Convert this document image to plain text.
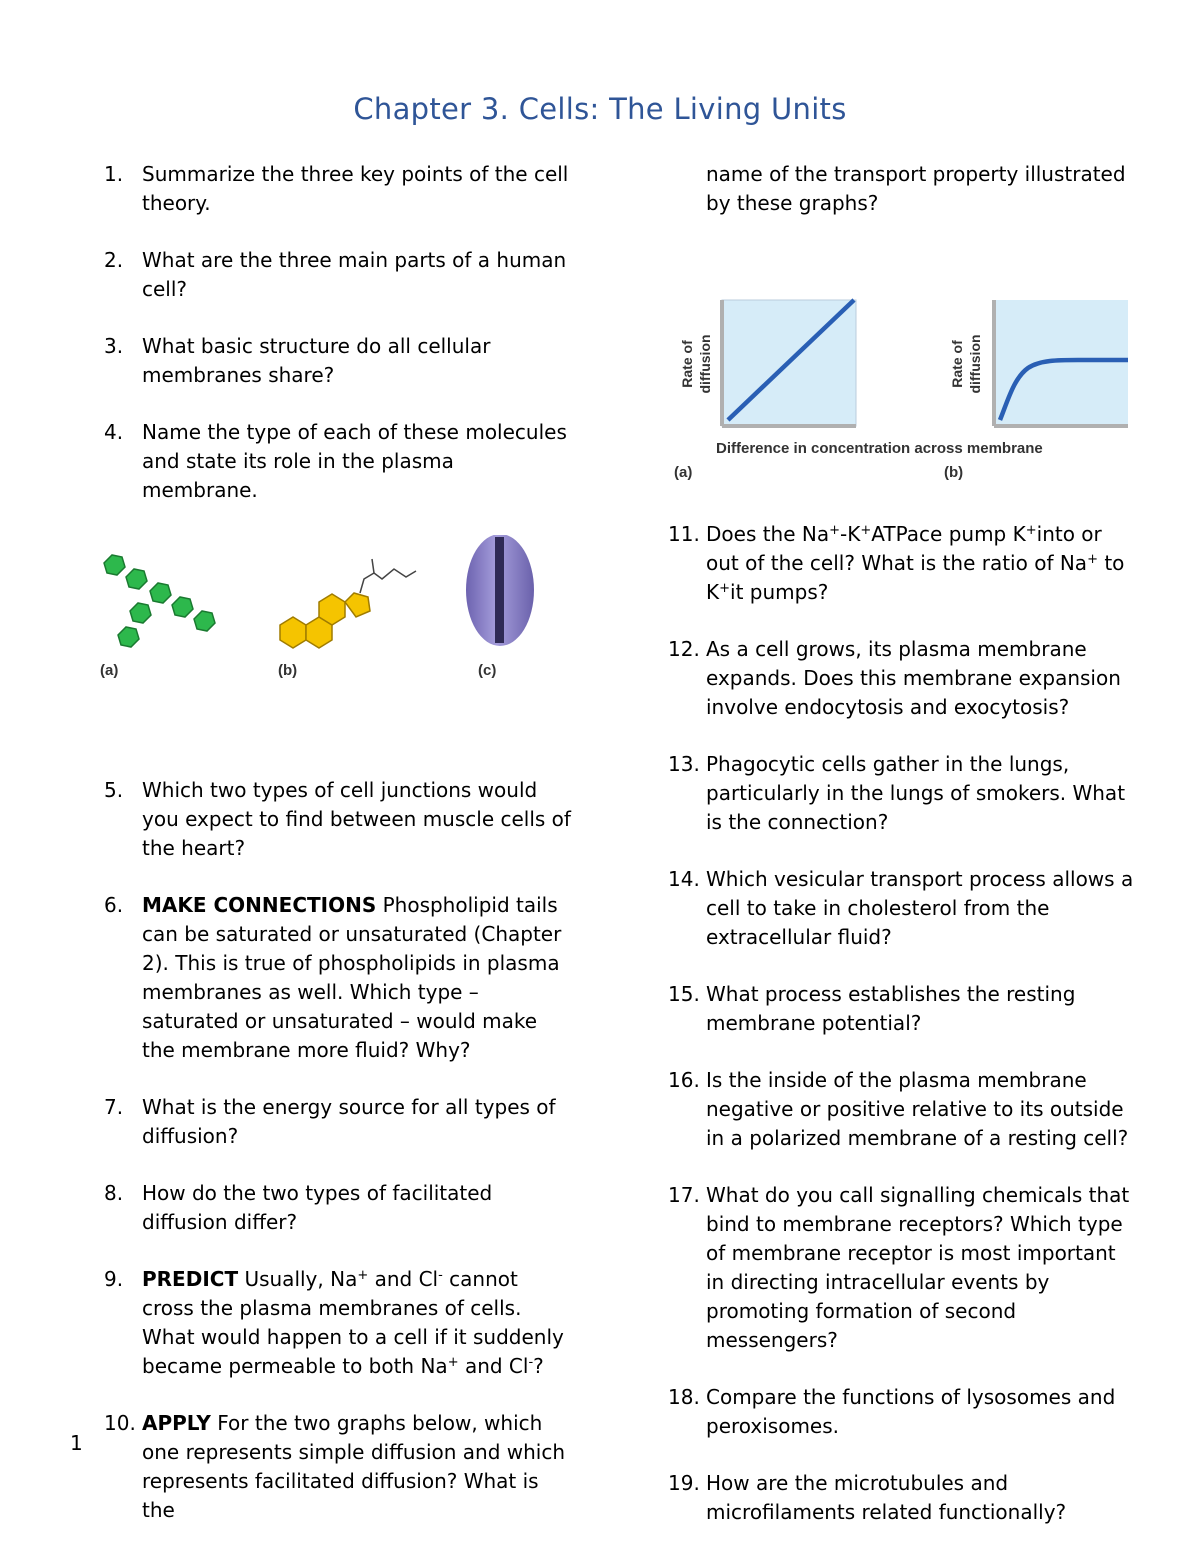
Chapter 3. Cells: The Living Units
1. Summarize the three key points of the cell theory.
2. What are the three main parts of a human cell?
3. What basic structure do all cellular membranes share?
4. Name the type of each of these molecules and state its role in the plasma membrane.
(a)	(b)	(c)
5. Which two types of cell junctions would you expect to find between muscle cells of the heart?
6. MAKE CONNECTIONS Phospholipid tails can be saturated or unsaturated (Chapter 2). This is true of phospholipids in plasma membranes as well. Which type – saturated or unsaturated – would make the membrane more fluid? Why?
7. What is the energy source for all types of diffusion?
8. How do the two types of facilitated diffusion differ?
9. PREDICT Usually, Na+ and Cl- cannot cross the plasma membranes of cells. What would happen to a cell if it suddenly became permeable to both Na+ and Cl-?
10. APPLY For the two graphs below, which one represents simple diffusion and which represents facilitated diffusion? What is the
name of the transport property illustrated by these graphs?
Rate of diffusion	Rate of diffusion
Difference in concentration across membrane
(a)	(b)
11. Does the Na+-K+ATPace pump K+into or out of the cell? What is the ratio of Na+ to K+it pumps?
12. As a cell grows, its plasma membrane expands. Does this membrane expansion involve endocytosis and exocytosis?
13. Phagocytic cells gather in the lungs, particularly in the lungs of smokers. What is the connection?
14. Which vesicular transport process allows a cell to take in cholesterol from the extracellular fluid?
15. What process establishes the resting membrane potential?
16. Is the inside of the plasma membrane negative or positive relative to its outside in a polarized membrane of a resting cell?
17. What do you call signalling chemicals that bind to membrane receptors? Which type of membrane receptor is most important in directing intracellular events by promoting formation of second messengers?
18. Compare the functions of lysosomes and peroxisomes.
19. How are the microtubules and microfilaments related functionally?
1
